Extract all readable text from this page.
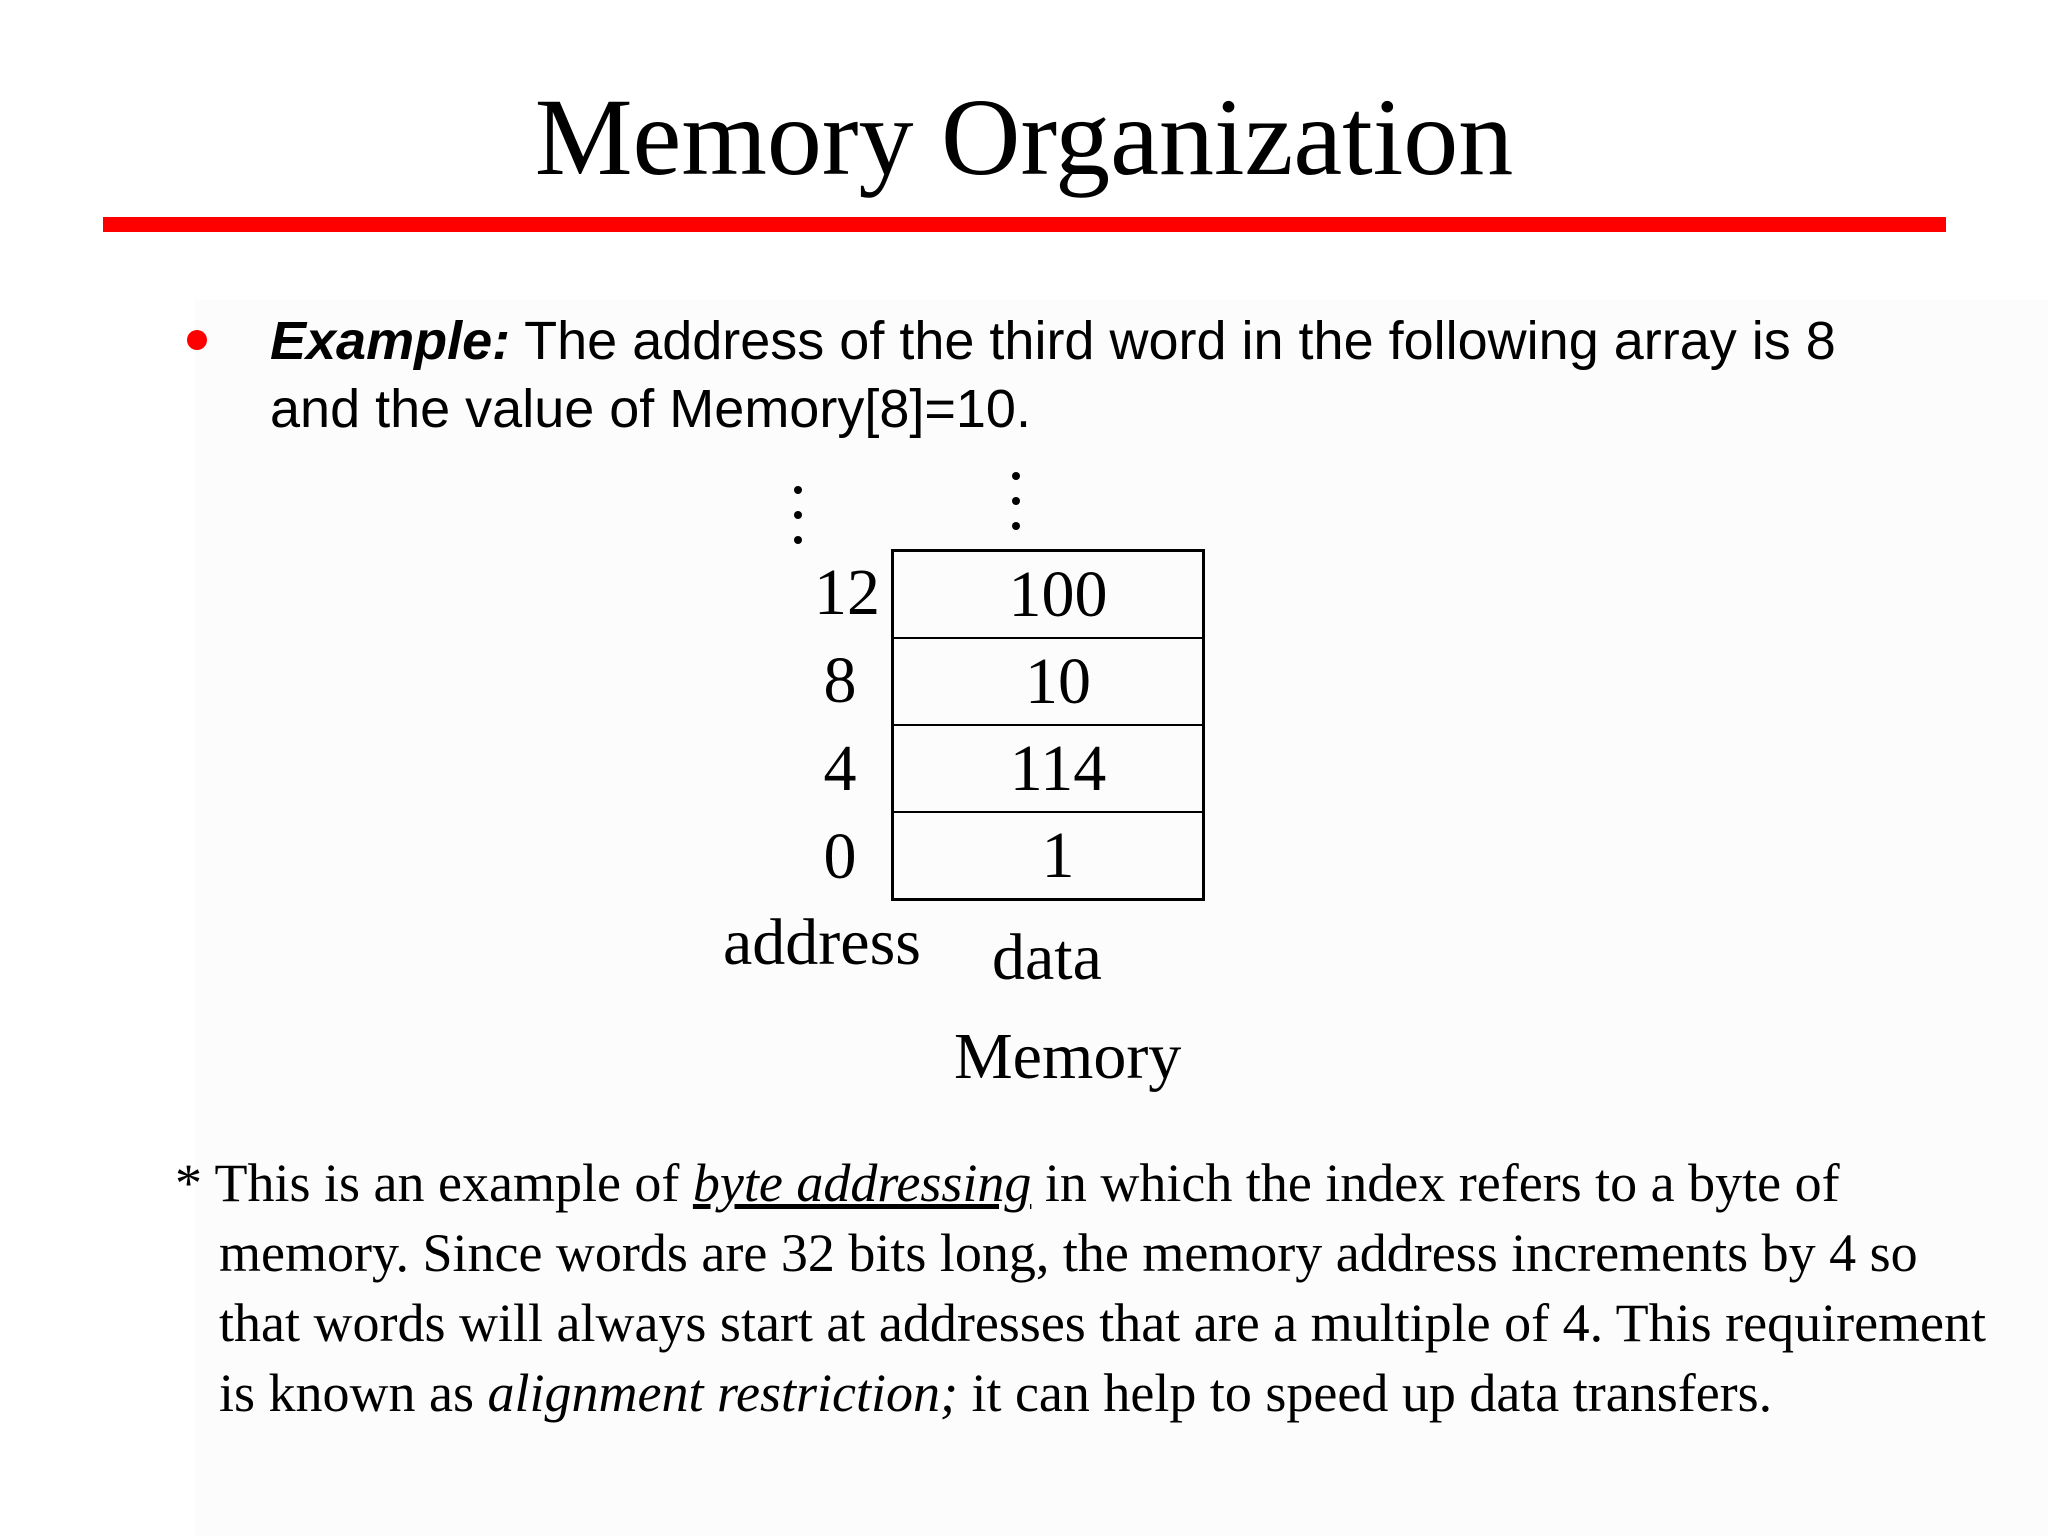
Memory Organization
Example: The address of the third word in the following array is 8 and the value of Memory[8]=10.
12
8
4
0
100
10
114
1
address data
Memory
* This is an example of byte addressing in which the index refers to a byte of memory. Since words are 32 bits long, the memory address increments by 4 so that words will always start at addresses that are a multiple of 4. This requirement is known as alignment restriction; it can help to speed up data transfers.
